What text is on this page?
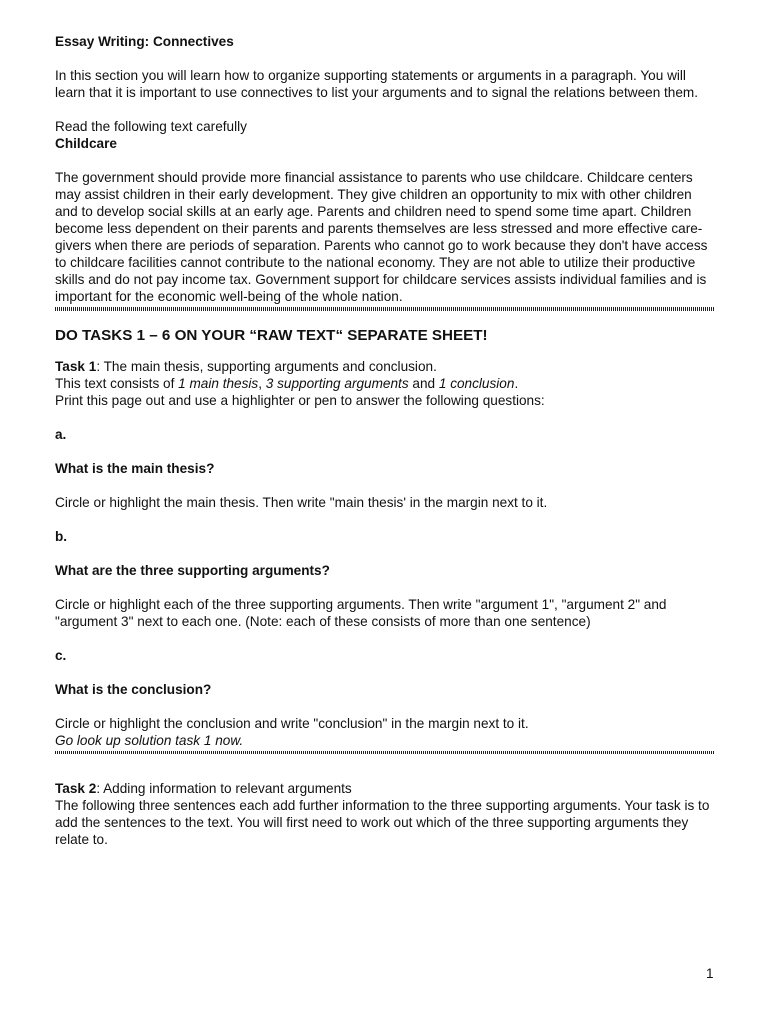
Essay Writing: Connectives

In this section you will learn how to organize supporting statements or arguments in a paragraph. You will learn that it is important to use connectives to list your arguments and to signal the relations between them.

Read the following text carefully

Childcare

The government should provide more financial assistance to parents who use childcare. Childcare centers may assist children in their early development. They give children an opportunity to mix with other children and to develop social skills at an early age. Parents and children need to spend some time apart. Children become less dependent on their parents and parents themselves are less stressed and more effective care-givers when there are periods of separation. Parents who cannot go to work because they don't have access to childcare facilities cannot contribute to the national economy. They are not able to utilize their productive skills and do not pay income tax. Government support for childcare services assists individual families and is important for the economic well-being of the whole nation.

DO TASKS 1 – 6 ON YOUR “RAW TEXT“ SEPARATE SHEET!

Task 1: The main thesis, supporting arguments and conclusion.

This text consists of 1 main thesis, 3 supporting arguments and 1 conclusion.

Print this page out and use a highlighter or pen to answer the following questions:

a.

What is the main thesis?

Circle or highlight the main thesis. Then write "main thesis' in the margin next to it.

b.

What are the three supporting arguments?

Circle or highlight each of the three supporting arguments. Then write "argument 1", "argument 2" and "argument 3" next to each one. (Note: each of these consists of more than one sentence)

c.

What is the conclusion?

Circle or highlight the conclusion and write "conclusion" in the margin next to it.

Go look up solution task 1 now.

Task 2: Adding information to relevant arguments

The following three sentences each add further information to the three supporting arguments. Your task is to add the sentences to the text. You will first need to work out which of the three supporting arguments they relate to.

1
